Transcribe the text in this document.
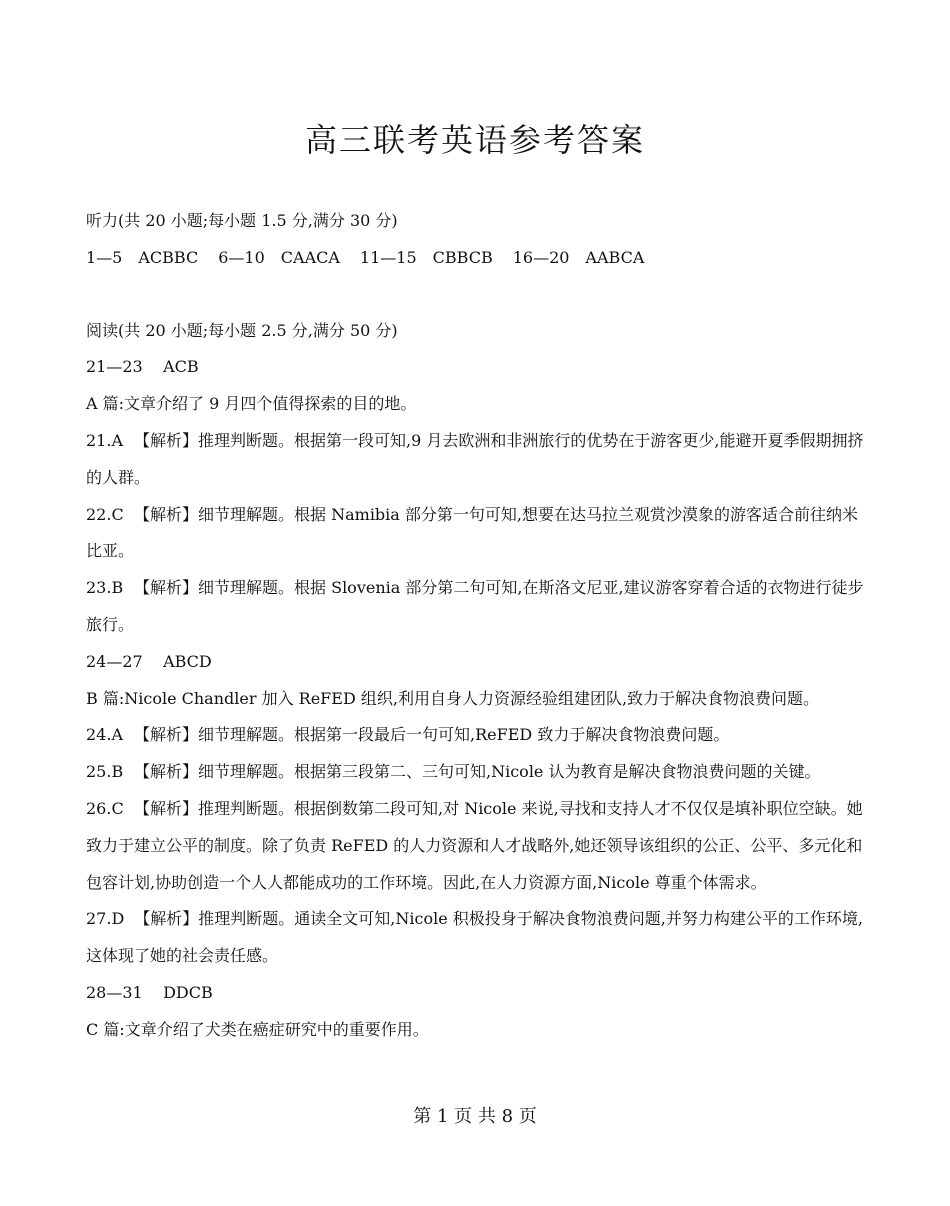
高三联考英语参考答案

听力(共 20 小题;每小题 1.5 分,满分 30 分)

1—5 ACBBC 6—10 CAACA 11—15 CBBCB 16—20 AABCA

阅读(共 20 小题;每小题 2.5 分,满分 50 分)

21—23    ACB

A 篇:文章介绍了 9 月四个值得探索的目的地。

21.A 【解析】推理判断题。根据第一段可知,9 月去欧洲和非洲旅行的优势在于游客更少,能避开夏季假期拥挤的人群。

22.C 【解析】细节理解题。根据 Namibia 部分第一句可知,想要在达马拉兰观赏沙漠象的游客适合前往纳米比亚。

23.B 【解析】细节理解题。根据 Slovenia 部分第二句可知,在斯洛文尼亚,建议游客穿着合适的衣物进行徒步旅行。

24—27    ABCD

B 篇:Nicole Chandler 加入 ReFED 组织,利用自身人力资源经验组建团队,致力于解决食物浪费问题。

24.A 【解析】细节理解题。根据第一段最后一句可知,ReFED 致力于解决食物浪费问题。

25.B 【解析】细节理解题。根据第三段第二、三句可知,Nicole 认为教育是解决食物浪费问题的关键。

26.C 【解析】推理判断题。根据倒数第二段可知,对 Nicole 来说,寻找和支持人才不仅仅是填补职位空缺。她致力于建立公平的制度。除了负责 ReFED 的人力资源和人才战略外,她还领导该组织的公正、公平、多元化和包容计划,协助创造一个人人都能成功的工作环境。因此,在人力资源方面,Nicole 尊重个体需求。

27.D 【解析】推理判断题。通读全文可知,Nicole 积极投身于解决食物浪费问题,并努力构建公平的工作环境,这体现了她的社会责任感。

28—31    DDCB

C 篇:文章介绍了犬类在癌症研究中的重要作用。

第 1 页 共 8 页
